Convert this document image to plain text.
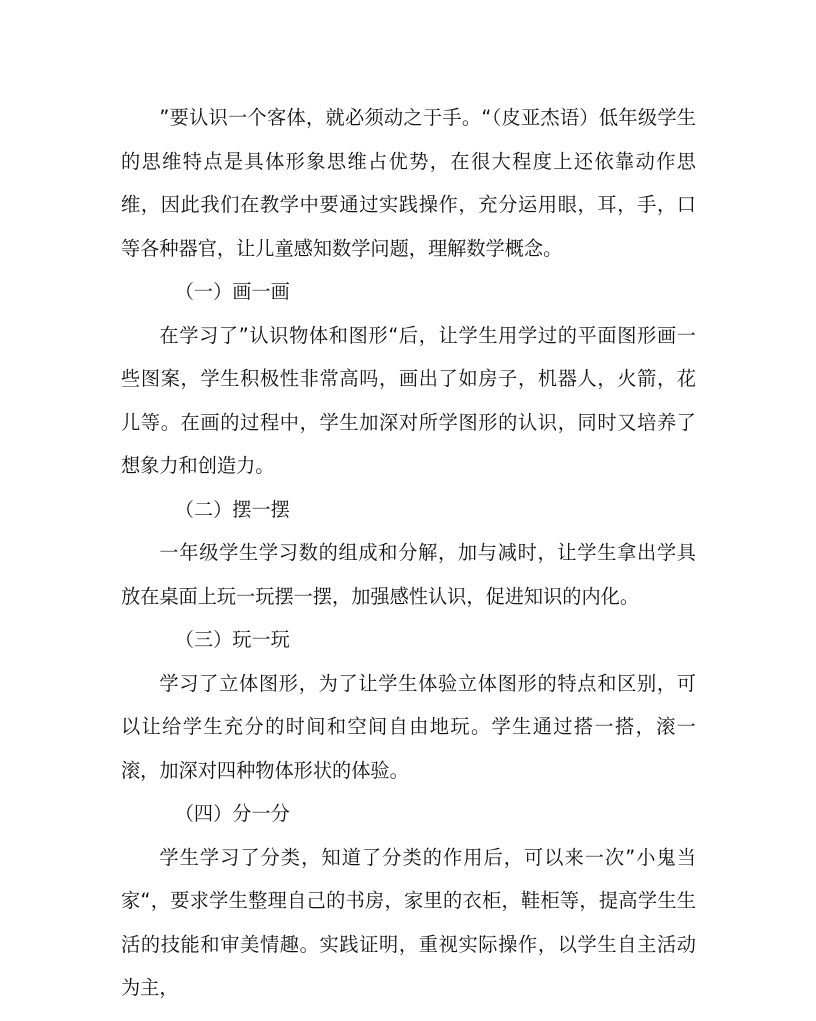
”要认识一个客体，就必须动之于手。“（皮亚杰语）低年级学生的思维特点是具体形象思维占优势，在很大程度上还依靠动作思维，因此我们在教学中要通过实践操作，充分运用眼，耳，手，口等各种器官，让儿童感知数学问题，理解数学概念。

（一）画一画

在学习了”认识物体和图形“后，让学生用学过的平面图形画一些图案，学生积极性非常高吗，画出了如房子，机器人，火箭，花儿等。在画的过程中，学生加深对所学图形的认识，同时又培养了想象力和创造力。

（二）摆一摆

一年级学生学习数的组成和分解，加与减时，让学生拿出学具放在桌面上玩一玩摆一摆，加强感性认识，促进知识的内化。

（三）玩一玩

学习了立体图形，为了让学生体验立体图形的特点和区别，可以让给学生充分的时间和空间自由地玩。学生通过搭一搭，滚一滚，加深对四种物体形状的体验。

（四）分一分

学生学习了分类，知道了分类的作用后，可以来一次”小鬼当家“，要求学生整理自己的书房，家里的衣柜，鞋柜等，提高学生生活的技能和审美情趣。实践证明，重视实际操作，以学生自主活动为主，
